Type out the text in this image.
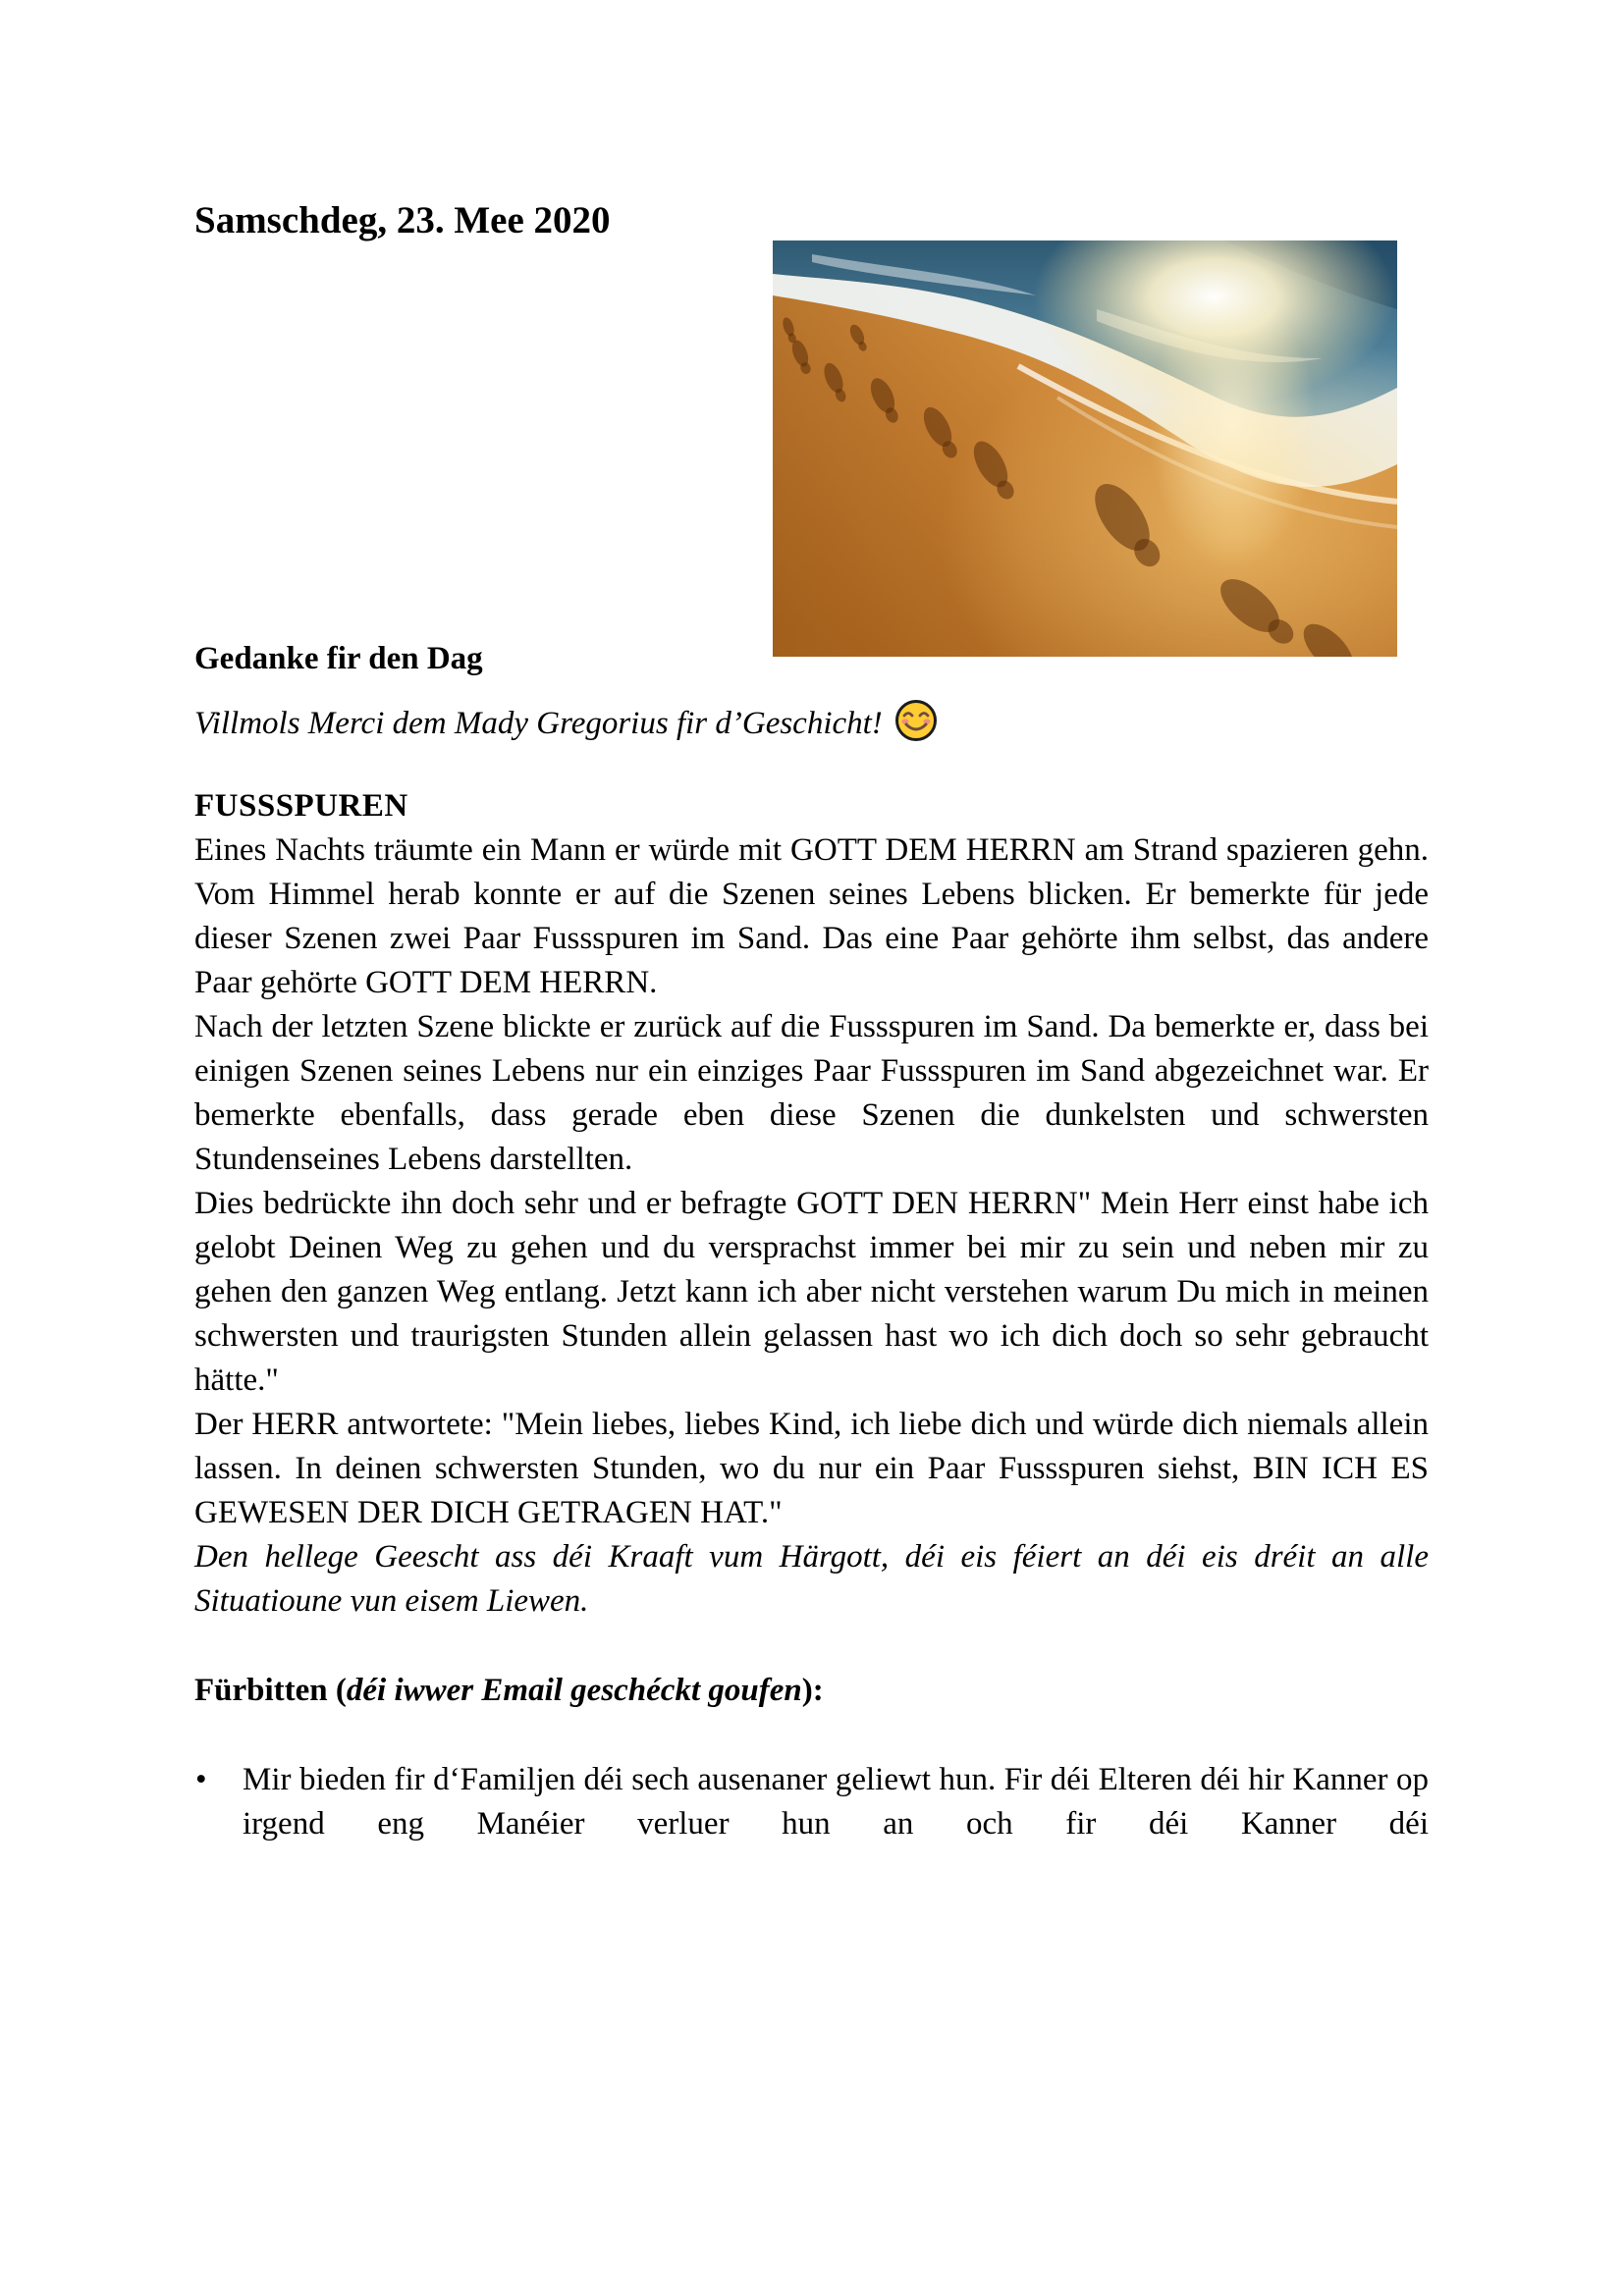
Samschdeg, 23. Mee 2020
Gedanke fir den Dag

Villmols Merci dem Mady Gregorius fir d’Geschicht!

FUSSSPUREN

Eines Nachts träumte ein Mann er würde mit GOTT DEM HERRN am Strand spazieren gehn. Vom Himmel herab konnte er auf die Szenen seines Lebens blicken. Er bemerkte für jede dieser Szenen zwei Paar Fussspuren im Sand. Das eine Paar gehörte ihm selbst, das andere Paar gehörte GOTT DEM HERRN.

Nach der letzten Szene blickte er zurück auf die Fussspuren im Sand. Da bemerkte er, dass bei einigen Szenen seines Lebens nur ein einziges Paar Fussspuren im Sand abgezeichnet war. Er bemerkte ebenfalls, dass gerade eben diese Szenen die dunkelsten und schwersten Stundenseines Lebens darstellten.

Dies bedrückte ihn doch sehr und er befragte GOTT DEN HERRN" Mein Herr einst habe ich gelobt Deinen Weg zu gehen und du versprachst immer bei mir zu sein und neben mir zu gehen den ganzen Weg entlang. Jetzt kann ich aber nicht verstehen warum Du mich in meinen schwersten und traurigsten Stunden allein gelassen hast wo ich dich doch so sehr gebraucht hätte."

Der HERR antwortete: "Mein liebes, liebes Kind, ich liebe dich und würde dich niemals allein lassen. In deinen schwersten Stunden, wo du nur ein Paar Fussspuren siehst, BIN ICH ES GEWESEN DER DICH GETRAGEN HAT."

Den hellege Geescht ass déi Kraaft vum Härgott, déi eis féiert an déi eis dréit an alle Situatioune vun eisem Liewen.

Fürbitten (déi iwwer Email geschéckt goufen):

• Mir bieden fir d‘Familjen déi sech ausenaner geliewt hun. Fir déi Elteren déi hir Kanner op irgend eng Manéier verluer hun an och fir déi Kanner déi
